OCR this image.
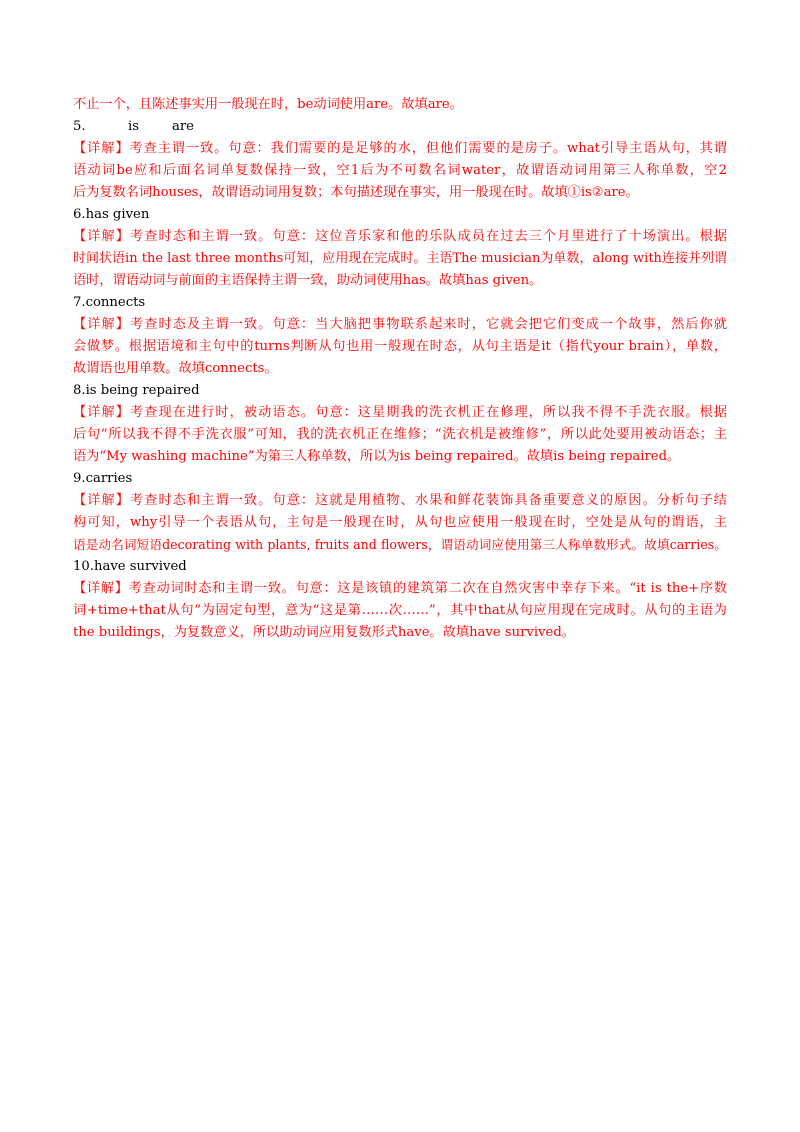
不止一个，且陈述事实用一般现在时，be动词使用are。故填are。
5.	is	are
【详解】考查主谓一致。句意：我们需要的是足够的水，但他们需要的是房子。what引导主语从句，其谓
语动词be应和后面名词单复数保持一致，空1后为不可数名词water，故谓语动词用第三人称单数，空2
后为复数名词houses，故谓语动词用复数；本句描述现在事实，用一般现在时。故填①is②are。
6.has given
【详解】考查时态和主谓一致。句意：这位音乐家和他的乐队成员在过去三个月里进行了十场演出。根据
时间状语in the last three months可知，应用现在完成时。主语The musician为单数，along with连接并列谓
语时，谓语动词与前面的主语保持主谓一致，助动词使用has。故填has given。
7.connects
【详解】考查时态及主谓一致。句意：当大脑把事物联系起来时，它就会把它们变成一个故事，然后你就
会做梦。根据语境和主句中的turns判断从句也用一般现在时态，从句主语是it（指代your brain），单数，
故谓语也用单数。故填connects。
8.is being repaired
【详解】考查现在进行时，被动语态。句意：这星期我的洗衣机正在修理，所以我不得不手洗衣服。根据
后句“所以我不得不手洗衣服”可知，我的洗衣机正在维修；“洗衣机是被维修”，所以此处要用被动语态；主
语为“My washing machine”为第三人称单数，所以为is being repaired。故填is being repaired。
9.carries
【详解】考查时态和主谓一致。句意：这就是用植物、水果和鲜花装饰具备重要意义的原因。分析句子结
构可知，why引导一个表语从句，主句是一般现在时，从句也应使用一般现在时，空处是从句的谓语，主
语是动名词短语decorating with plants, fruits and flowers，谓语动词应使用第三人称单数形式。故填carries。
10.have survived
【详解】考查动词时态和主谓一致。句意：这是该镇的建筑第二次在自然灾害中幸存下来。“it is the+序数
词+time+that从句”为固定句型，意为“这是第……次……”，其中that从句应用现在完成时。从句的主语为
the buildings，为复数意义，所以助动词应用复数形式have。故填have survived。
